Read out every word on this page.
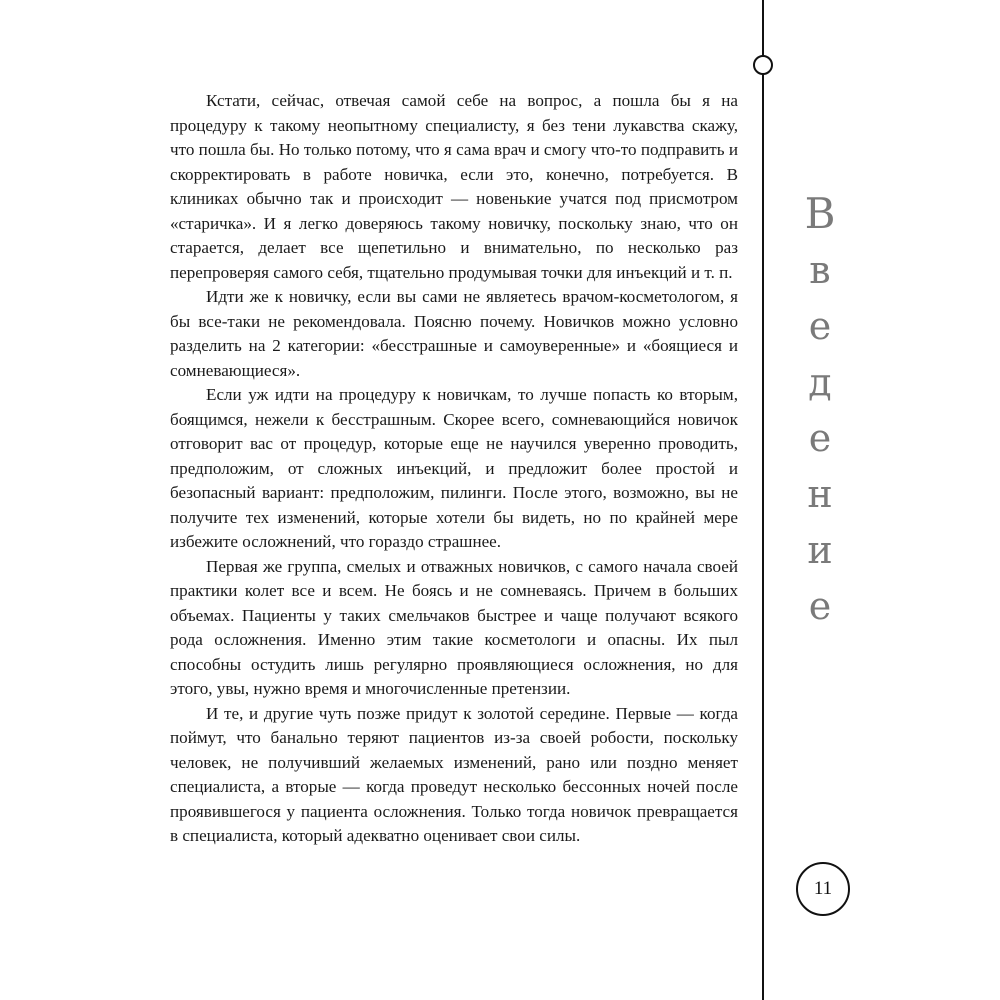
Кстати, сейчас, отвечая самой себе на вопрос, а пошла бы я на процедуру к такому неопытному специалисту, я без тени лукавства скажу, что пошла бы. Но только потому, что я сама врач и смогу что-то подправить и скорректировать в работе новичка, если это, конечно, потребуется. В клиниках обычно так и происходит — новенькие учатся под присмотром «старичка». И я легко доверяюсь такому новичку, поскольку знаю, что он старается, делает все щепетильно и внимательно, по несколько раз перепроверяя самого себя, тщательно продумывая точки для инъекций и т. п.

Идти же к новичку, если вы сами не являетесь врачом-косметологом, я бы все-таки не рекомендовала. Поясню почему. Новичков можно условно разделить на 2 категории: «бесстрашные и самоуверенные» и «боящиеся и сомневающиеся».

Если уж идти на процедуру к новичкам, то лучше попасть ко вторым, боящимся, нежели к бесстрашным. Скорее всего, сомневающийся новичок отговорит вас от процедур, которые еще не научился уверенно проводить, предположим, от сложных инъекций, и предложит более простой и безопасный вариант: предположим, пилинги. После этого, возможно, вы не получите тех изменений, которые хотели бы видеть, но по крайней мере избежите осложнений, что гораздо страшнее.

Первая же группа, смелых и отважных новичков, с самого начала своей практики колет все и всем. Не боясь и не сомневаясь. Причем в больших объемах. Пациенты у таких смельчаков быстрее и чаще получают всякого рода осложнения. Именно этим такие косметологи и опасны. Их пыл способны остудить лишь регулярно проявляющиеся осложнения, но для этого, увы, нужно время и многочисленные претензии.

И те, и другие чуть позже придут к золотой середине. Первые — когда поймут, что банально теряют пациентов из-за своей робости, поскольку человек, не получивший желаемых изменений, рано или поздно меняет специалиста, а вторые — когда проведут несколько бессонных ночей после проявившегося у пациента осложнения. Только тогда новичок превращается в специалиста, который адекватно оценивает свои силы.

В
в
е
д
е
н
и
е
11
